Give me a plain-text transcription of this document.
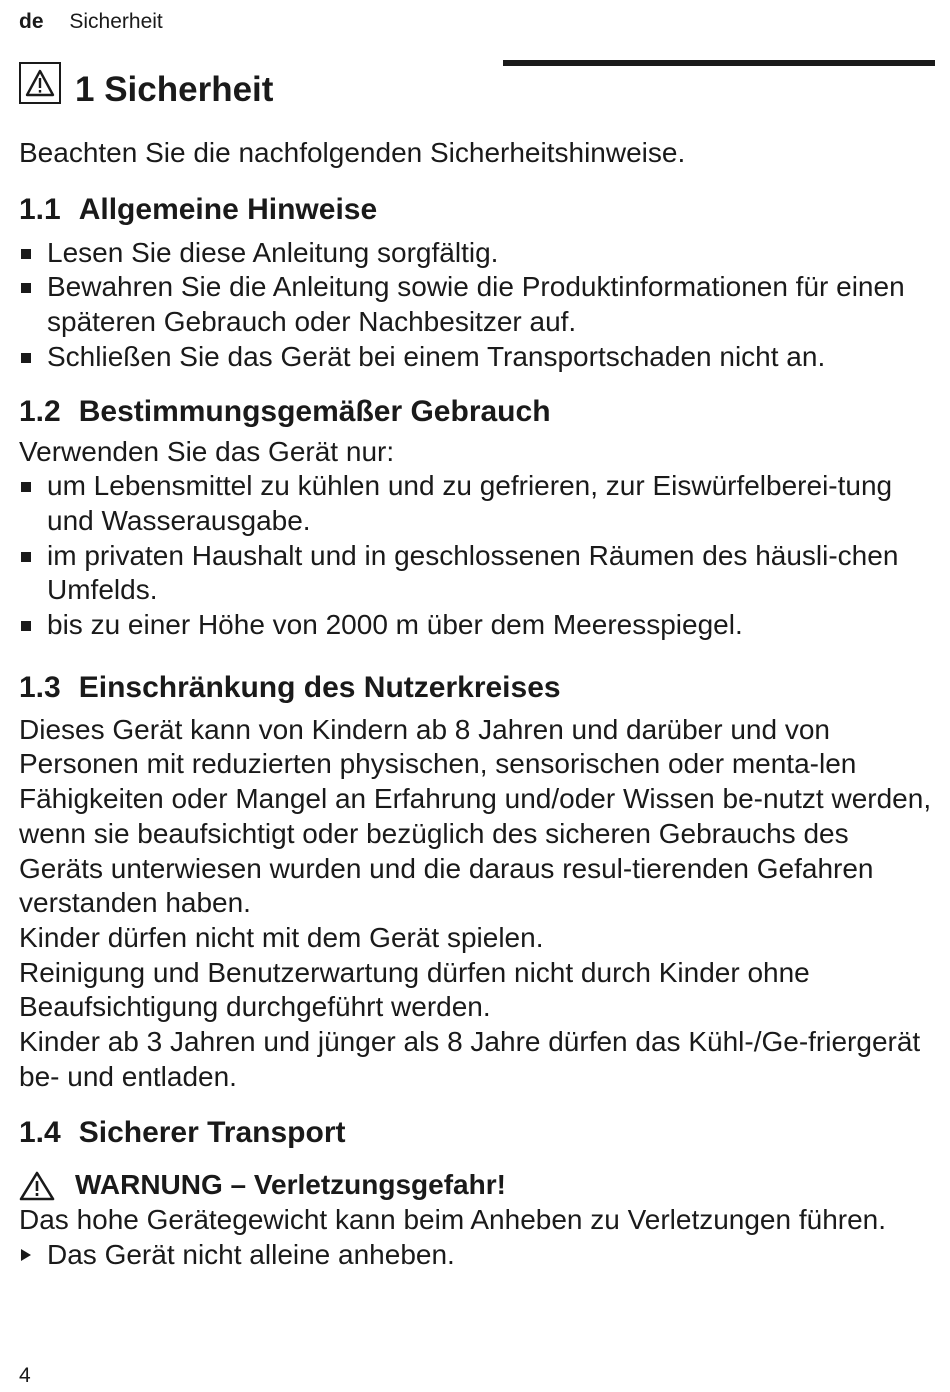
de Sicherheit
1 Sicherheit

Beachten Sie die nachfolgenden Sicherheitshinweise.

1.1 Allgemeine Hinweise
Lesen Sie diese Anleitung sorgfältig.
Bewahren Sie die Anleitung sowie die Produktinformationen für einen späteren Gebrauch oder Nachbesitzer auf.
Schließen Sie das Gerät bei einem Transportschaden nicht an.
1.2 Bestimmungsgemäßer Gebrauch

Verwenden Sie das Gerät nur:

um Lebensmittel zu kühlen und zu gefrieren, zur Eiswürfelberei-tung und Wasserausgabe.
im privaten Haushalt und in geschlossenen Räumen des häusli-chen Umfelds.
bis zu einer Höhe von 2000 m über dem Meeresspiegel.
1.3 Einschränkung des Nutzerkreises

Dieses Gerät kann von Kindern ab 8 Jahren und darüber und von Personen mit reduzierten physischen, sensorischen oder menta-len Fähigkeiten oder Mangel an Erfahrung und/oder Wissen be-nutzt werden, wenn sie beaufsichtigt oder bezüglich des sicheren Gebrauchs des Geräts unterwiesen wurden und die daraus resul-tierenden Gefahren verstanden haben.

Kinder dürfen nicht mit dem Gerät spielen.

Reinigung und Benutzerwartung dürfen nicht durch Kinder ohne Beaufsichtigung durchgeführt werden.

Kinder ab 3 Jahren und jünger als 8 Jahre dürfen das Kühl-/Ge-friergerät be- und entladen.

1.4 Sicherer Transport
WARNUNG – Verletzungsgefahr!

Das hohe Gerätegewicht kann beim Anheben zu Verletzungen führen.

Das Gerät nicht alleine anheben.
4
